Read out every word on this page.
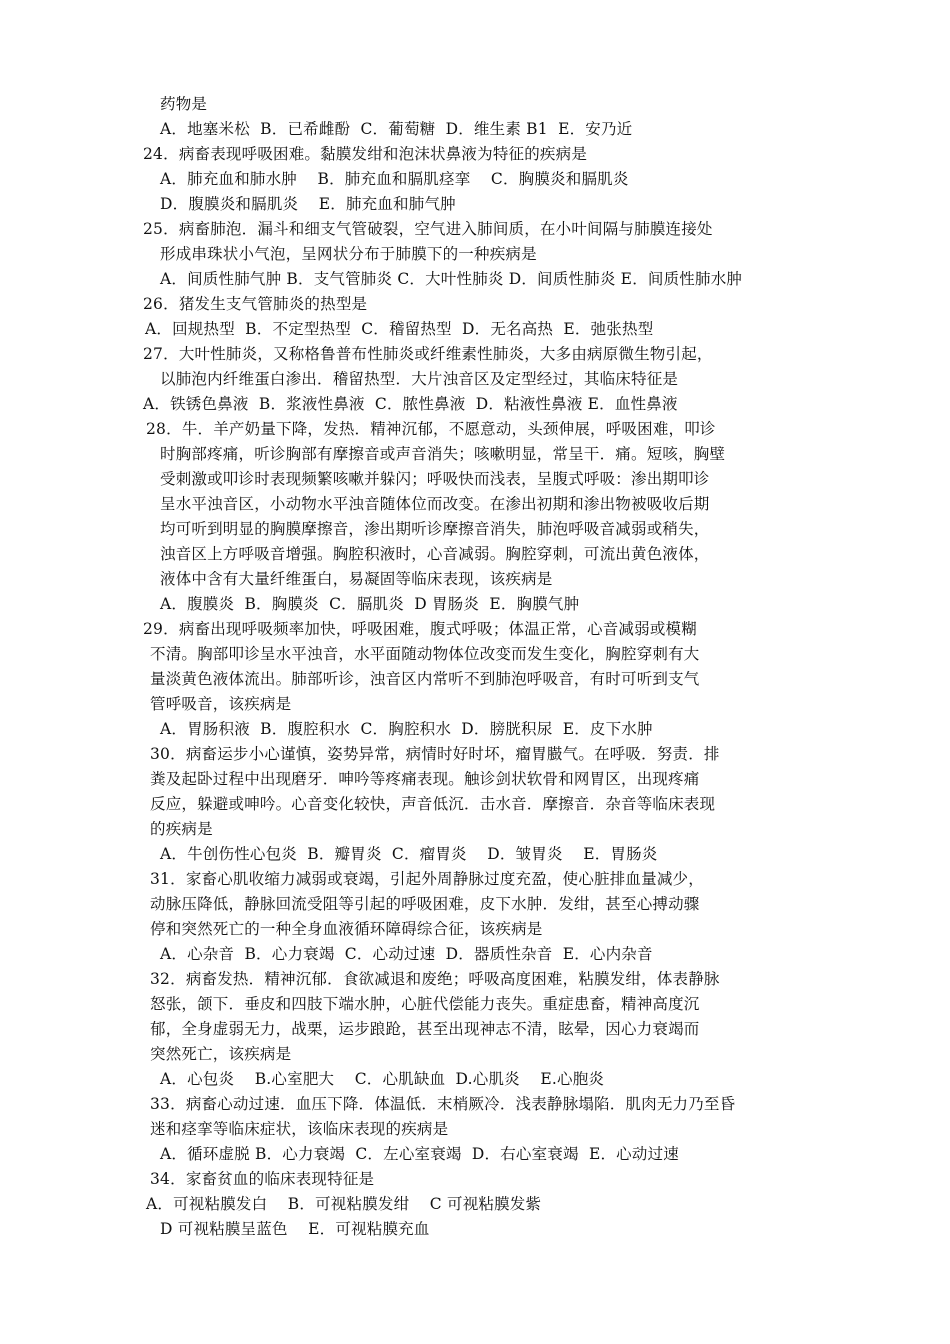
药物是
A．地塞米松  B．已希雌酚  C．葡萄糖  D．维生素 B1  E．安乃近
24．病畜表现呼吸困难。黏膜发绀和泡沫状鼻液为特征的疾病是
A．肺充血和肺水肿    B．肺充血和膈肌痉挛    C．胸膜炎和膈肌炎
D．腹膜炎和膈肌炎    E．肺充血和肺气肿
25．病畜肺泡．漏斗和细支气管破裂，空气进入肺间质，在小叶间隔与肺膜连接处
形成串珠状小气泡，呈网状分布于肺膜下的一种疾病是
A．间质性肺气肿 B．支气管肺炎 C．大叶性肺炎 D．间质性肺炎 E．间质性肺水肿
26．猪发生支气管肺炎的热型是
A．回规热型  B．不定型热型  C．稽留热型  D．无名高热  E．弛张热型
27．大叶性肺炎，又称格鲁普布性肺炎或纤维素性肺炎，大多由病原微生物引起，
以肺泡内纤维蛋白渗出．稽留热型．大片浊音区及定型经过，其临床特征是
A．铁锈色鼻液  B．浆液性鼻液  C．脓性鼻液  D．粘液性鼻液 E．血性鼻液
28．牛．羊产奶量下降，发热．精神沉郁，不愿意动，头颈伸展，呼吸困难，叩诊
时胸部疼痛，听诊胸部有摩擦音或声音消失；咳嗽明显，常呈干．痛。短咳，胸壁
受刺激或叩诊时表现频繁咳嗽并躲闪；呼吸快而浅表，呈腹式呼吸：渗出期叩诊
呈水平浊音区，小动物水平浊音随体位而改变。在渗出初期和渗出物被吸收后期
均可听到明显的胸膜摩擦音，渗出期听诊摩擦音消失，肺泡呼吸音减弱或稍失，
浊音区上方呼吸音增强。胸腔积液时，心音减弱。胸腔穿刺，可流出黄色液体，
液体中含有大量纤维蛋白，易凝固等临床表现，该疾病是
A．腹膜炎  B．胸膜炎  C．膈肌炎  D 胃肠炎  E．胸膜气肿
29．病畜出现呼吸频率加快，呼吸困难，腹式呼吸；体温正常，心音减弱或模糊
不清。胸部叩诊呈水平浊音，水平面随动物体位改变而发生变化，胸腔穿刺有大
量淡黄色液体流出。肺部听诊，浊音区内常听不到肺泡呼吸音，有时可听到支气
管呼吸音，该疾病是
A．胃肠积液  B．腹腔积水  C．胸腔积水  D．膀胱积尿  E．皮下水肿
30．病畜运步小心谨慎，姿势异常，病情时好时坏，瘤胃臌气。在呼吸．努责．排
粪及起卧过程中出现磨牙．呻吟等疼痛表现。触诊剑状软骨和网胃区，出现疼痛
反应，躲避或呻吟。心音变化较快，声音低沉．击水音．摩擦音．杂音等临床表现
的疾病是
A．牛创伤性心包炎  B．瓣胃炎  C．瘤胃炎    D．皱胃炎    E．胃肠炎
31．家畜心肌收缩力减弱或衰竭，引起外周静脉过度充盈，使心脏排血量减少，
动脉压降低，静脉回流受阻等引起的呼吸困难，皮下水肿．发绀，甚至心搏动骤
停和突然死亡的一种全身血液循环障碍综合征，该疾病是
A．心杂音  B．心力衰竭  C．心动过速  D．器质性杂音  E．心内杂音
32．病畜发热．精神沉郁．食欲减退和废绝；呼吸高度困难，粘膜发绀，体表静脉
怒张，颌下．垂皮和四肢下端水肿，心脏代偿能力丧失。重症患畜，精神高度沉
郁，全身虚弱无力，战栗，运步踉跄，甚至出现神志不清，眩晕，因心力衰竭而
突然死亡，该疾病是
A．心包炎    B.心室肥大    C．心肌缺血  D.心肌炎    E.心胞炎
33．病畜心动过速．血压下降．体温低．末梢厥冷．浅表静脉塌陷．肌肉无力乃至昏
迷和痉挛等临床症状，该临床表现的疾病是
A．循环虚脱 B．心力衰竭  C．左心室衰竭  D．右心室衰竭  E．心动过速
34．家畜贫血的临床表现特征是
A．可视粘膜发白    B．可视粘膜发绀    C 可视粘膜发紫
D 可视粘膜呈蓝色    E．可视粘膜充血
